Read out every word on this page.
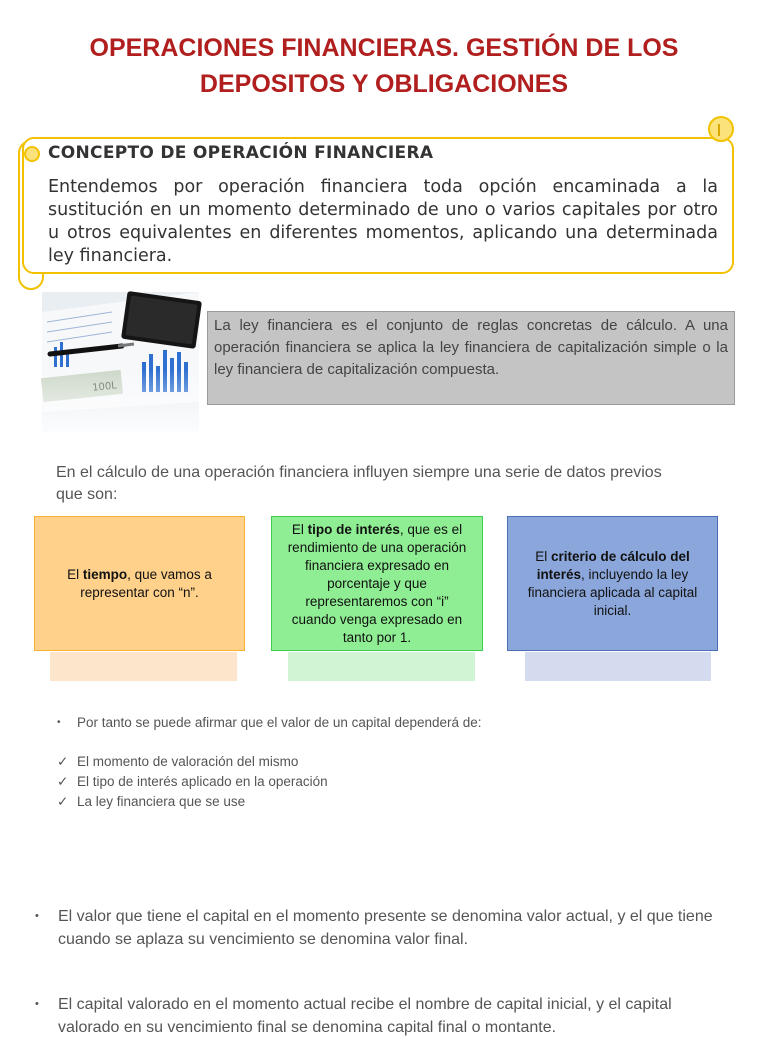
OPERACIONES FINANCIERAS. GESTIÓN DE LOS
DEPOSITOS Y OBLIGACIONES
CONCEPTO DE OPERACIÓN FINANCIERA
Entendemos por operación financiera toda opción encaminada a la sustitución en un momento determinado de uno o varios capitales por otro u otros equivalentes en diferentes momentos, aplicando una determinada ley financiera.
La ley financiera es el conjunto de reglas concretas de cálculo. A una operación financiera se aplica la ley financiera de capitalización simple o la ley financiera de capitalización compuesta.
En el cálculo de una operación financiera influyen siempre una serie de datos previos que son:
El tiempo, que vamos a representar con “n”.
El tipo de interés, que es el rendimiento de una operación financiera expresado en porcentaje y que representaremos con “i” cuando venga expresado en tanto por 1.
El criterio de cálculo del interés, incluyendo la ley financiera aplicada al capital inicial.
• Por tanto se puede afirmar que el valor de un capital dependerá de:
✓ El momento de valoración del mismo
✓ El tipo de interés aplicado en la operación
✓ La ley financiera que se use
• El valor que tiene el capital en el momento presente se denomina valor actual, y el que tiene cuando se aplaza su vencimiento se denomina valor final.
• El capital valorado en el momento actual recibe el nombre de capital inicial, y el capital valorado en su vencimiento final se denomina capital final o montante.
